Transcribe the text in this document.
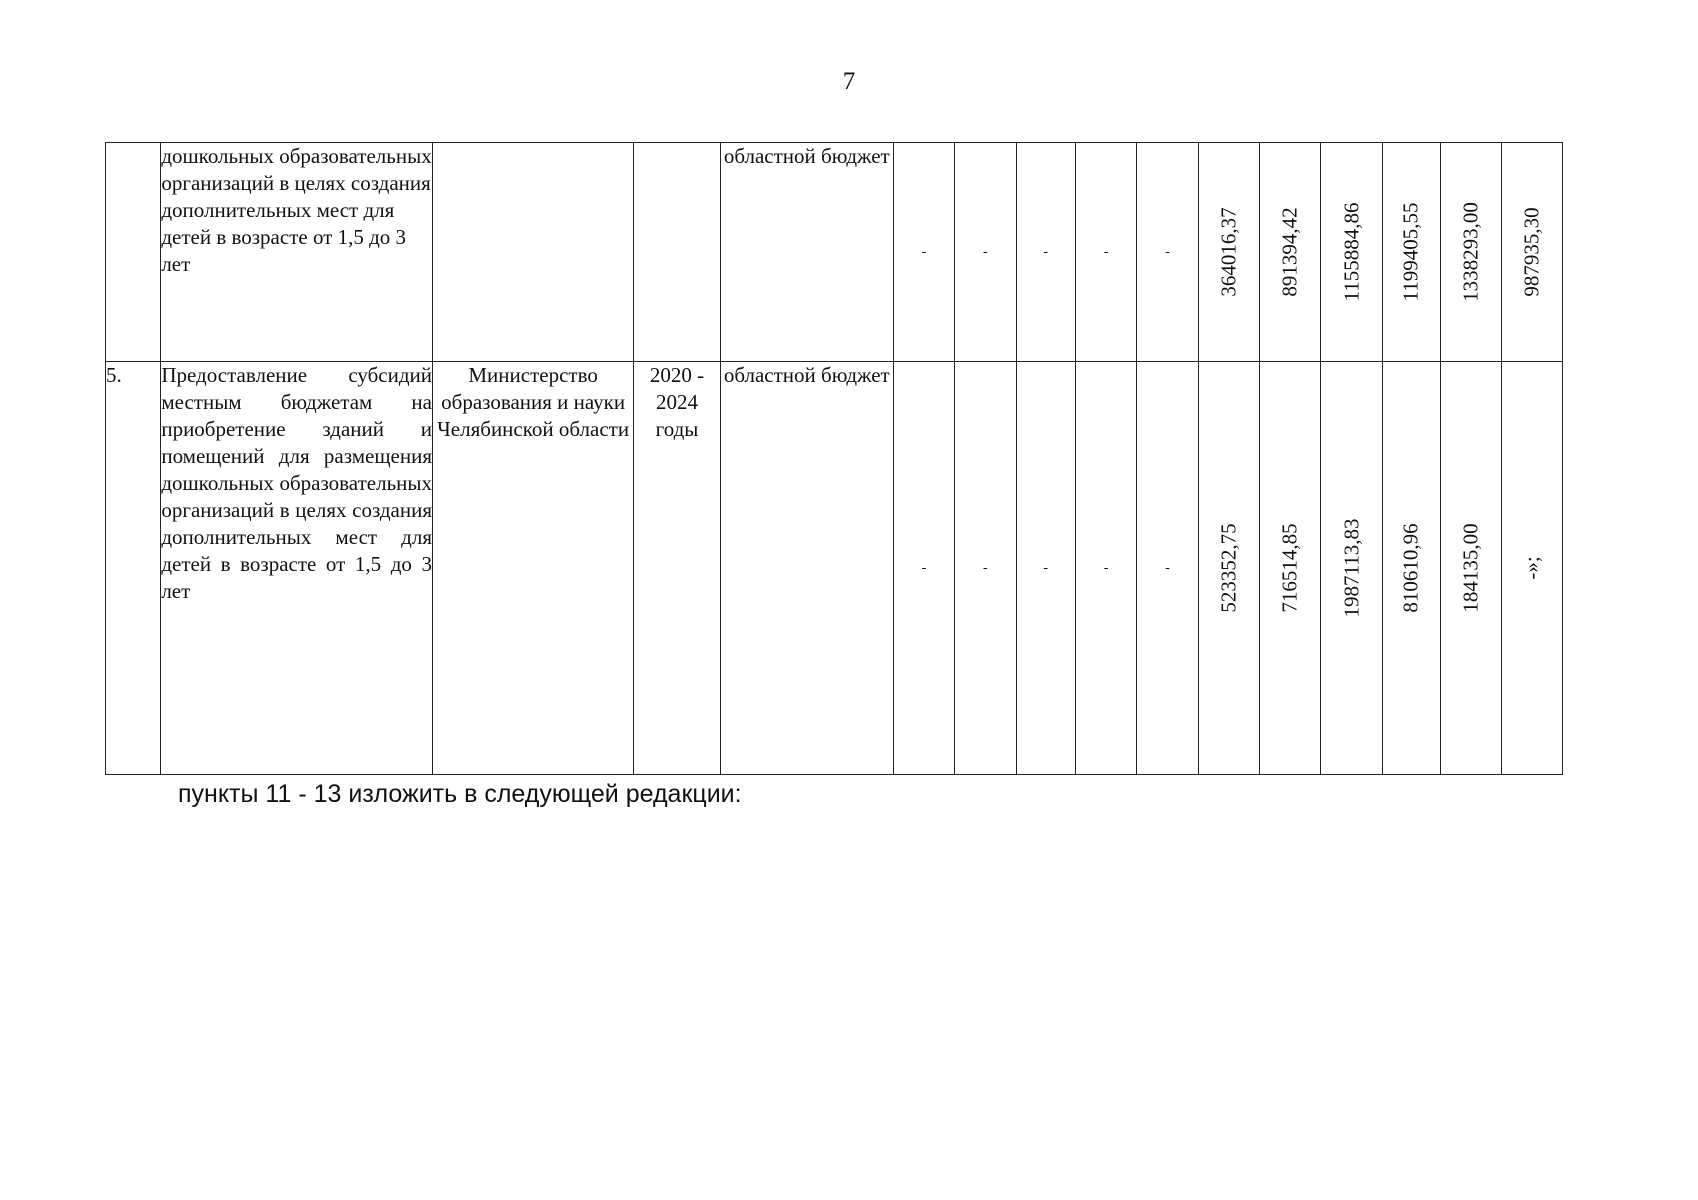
7
	дошкольных образовательных организаций в целях создания дополнительных мест для детей в возрасте от 1,5 до 3 лет			областной бюджет	-	-	-	-	-	364016,37	891394,42	1155884,86	1199405,55	1338293,00	987935,30

5.	Предоставление субсидий местным бюджетам на приобретение зданий и помещений для размещения дошкольных образовательных организаций в целях создания дополнительных мест для детей в возрасте от 1,5 до 3 лет	Министерство образования и науки Челябинской области	2020 - 2024 годы	областной бюджет	-	-	-	-	-	523352,75	716514,85	1987113,83	810610,96	184135,00	-»;
пункты 11 - 13 изложить в следующей редакции:
